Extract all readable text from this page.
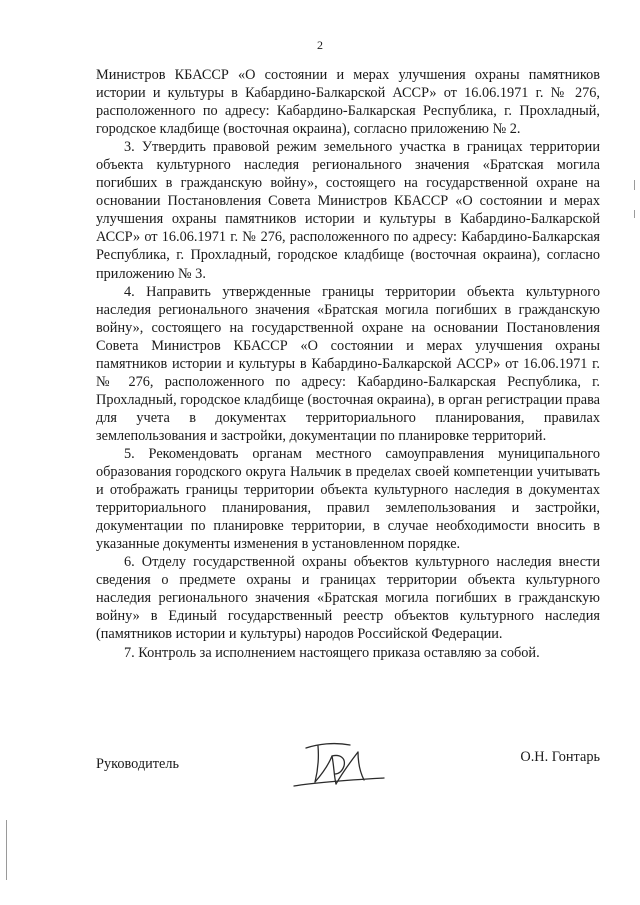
2

Министров КБАССР «О состоянии и мерах улучшения охраны памятников истории и культуры в Кабардино-Балкарской АССР» от 16.06.1971 г. № 276, расположенного по адресу: Кабардино-Балкарская Республика, г. Прохладный, городское кладбище (восточная окраина), согласно приложению № 2.

3. Утвердить правовой режим земельного участка в границах территории объекта культурного наследия регионального значения «Братская могила погибших в гражданскую войну», состоящего на государственной охране на основании Постановления Совета Министров КБАССР «О состоянии и мерах улучшения охраны памятников истории и культуры в Кабардино-Балкарской АССР» от 16.06.1971 г. № 276, расположенного по адресу: Кабардино-Балкарская Республика, г. Прохладный, городское кладбище (восточная окраина), согласно приложению № 3.

4. Направить утвержденные границы территории объекта культурного наследия регионального значения «Братская могила погибших в гражданскую войну», состоящего на государственной охране на основании Постановления Совета Министров КБАССР «О состоянии и мерах улучшения охраны памятников истории и культуры в Кабардино-Балкарской АССР» от 16.06.1971 г. № 276, расположенного по адресу: Кабардино-Балкарская Республика, г. Прохладный, городское кладбище (восточная окраина), в орган регистрации права для учета в документах территориального планирования, правилах землепользования и застройки, документации по планировке территорий.

5. Рекомендовать органам местного самоуправления муниципального образования городского округа Нальчик в пределах своей компетенции учитывать и отображать границы территории объекта культурного наследия в документах территориального планирования, правил землепользования и застройки, документации по планировке территории, в случае необходимости вносить в указанные документы изменения в установленном порядке.

6. Отделу государственной охраны объектов культурного наследия внести сведения о предмете охраны и границах территории объекта культурного наследия регионального значения «Братская могила погибших в гражданскую войну» в Единый государственный реестр объектов культурного наследия (памятников истории и культуры) народов Российской Федерации.

7. Контроль за исполнением настоящего приказа оставляю за собой.

Руководитель	О.Н. Гонтарь
